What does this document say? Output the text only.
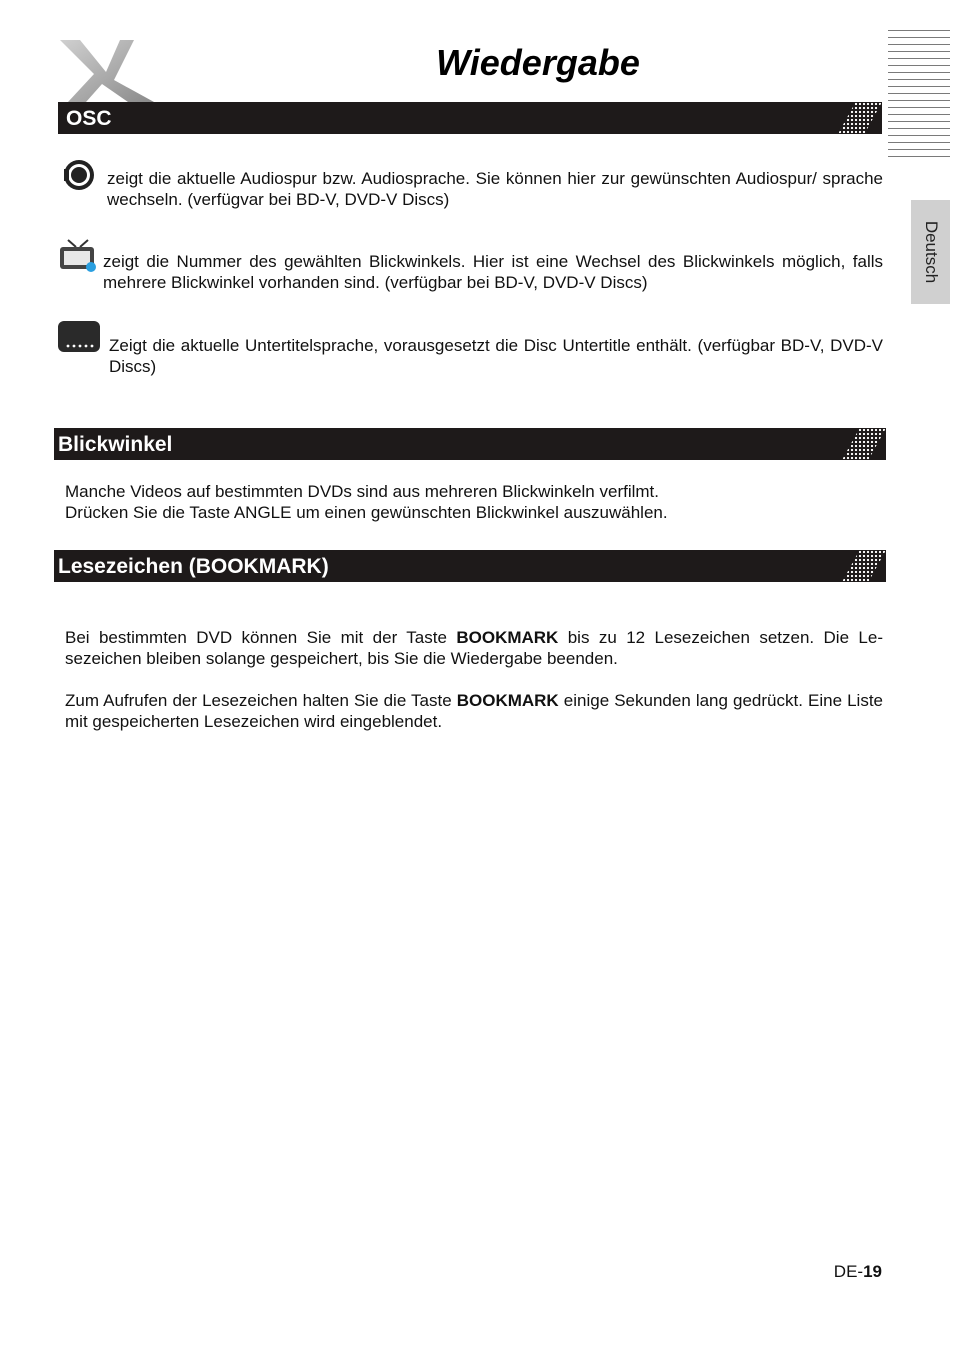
Wiedergabe
Deutsch
OSC
zeigt die aktuelle Audiospur bzw. Audiosprache. Sie können hier zur gewünschten Audiospur/ sprache wechseln. (verfügvar bei BD-V, DVD-V Discs)
zeigt die Nummer des gewählten Blickwinkels. Hier ist eine Wechsel des Blickwinkels möglich, falls mehrere Blickwinkel vorhanden sind. (verfügbar bei BD-V, DVD-V Discs)
Zeigt die aktuelle Untertitelsprache, vorausgesetzt die Disc Untertitle enthält. (verfügbar BD-V, DVD-V Discs)
Blickwinkel
Manche Videos auf bestimmten DVDs sind aus mehreren Blickwinkeln verfilmt.
Drücken Sie die Taste ANGLE um einen gewünschten Blickwinkel auszuwählen.
Lesezeichen (BOOKMARK)
Bei bestimmten DVD können Sie mit der Taste BOOKMARK bis zu 12 Lesezeichen setzen. Die Le-sezeichen bleiben solange gespeichert, bis Sie die Wiedergabe beenden.
Zum Aufrufen der Lesezeichen halten Sie die Taste BOOKMARK einige Sekunden lang gedrückt. Eine Liste mit gespeicherten Lesezeichen wird eingeblendet.
DE-19
